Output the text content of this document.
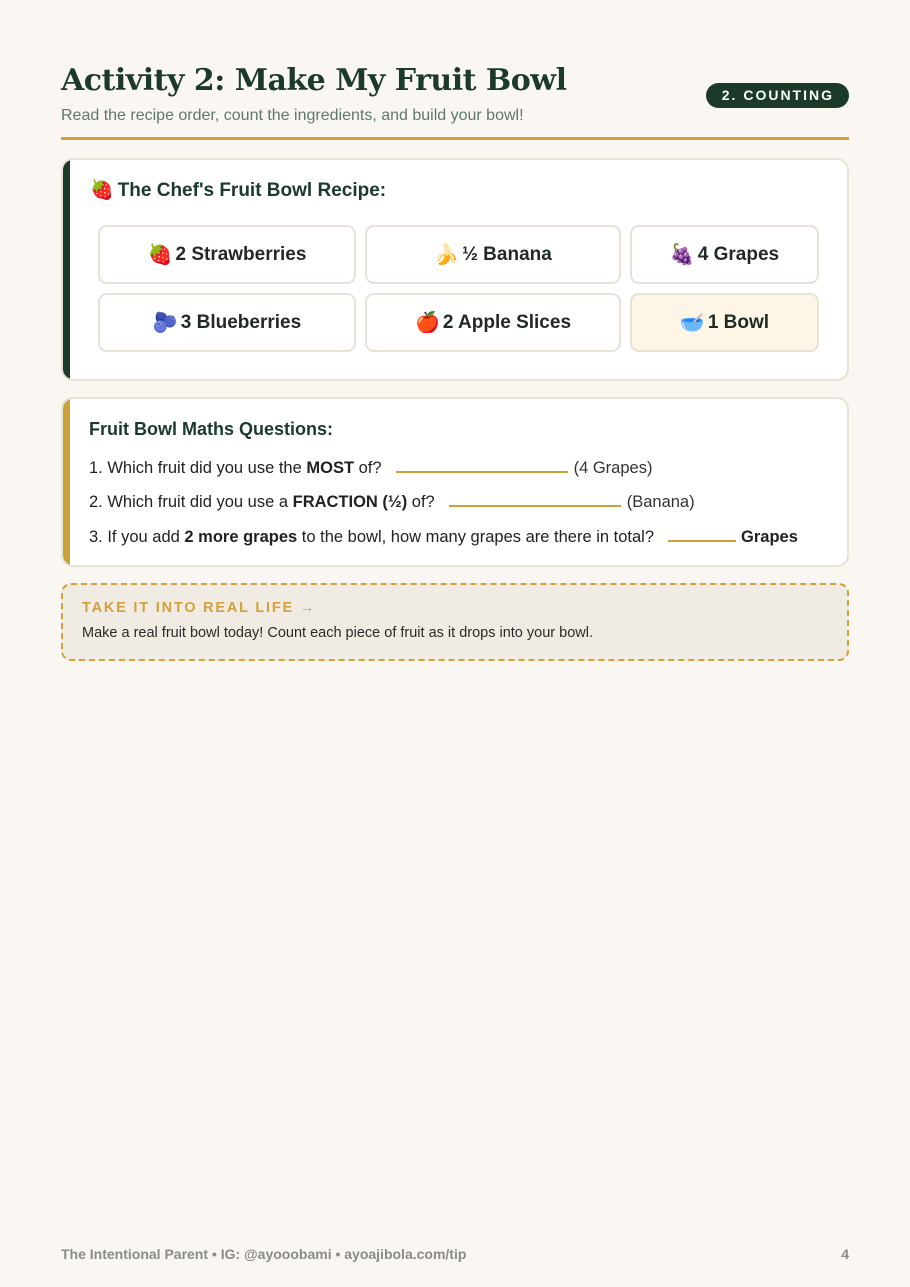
Activity 2: Make My Fruit Bowl
Read the recipe order, count the ingredients, and build your bowl!
2. COUNTING
🍓 The Chef's Fruit Bowl Recipe:
🍓 2 Strawberries	🍌 ½ Banana	🍇 4 Grapes
🫐 3 Blueberries	🍎 2 Apple Slices	🥣 1 Bowl
Fruit Bowl Maths Questions:
1. Which fruit did you use the MOST of?	(4 Grapes)
2. Which fruit did you use a FRACTION (½) of?	(Banana)
3. If you add 2 more grapes to the bowl, how many grapes are there in total?	Grapes
TAKE IT INTO REAL LIFE →
Make a real fruit bowl today! Count each piece of fruit as it drops into your bowl.
The Intentional Parent • IG: @ayooobami • ayoajibola.com/tip	4
